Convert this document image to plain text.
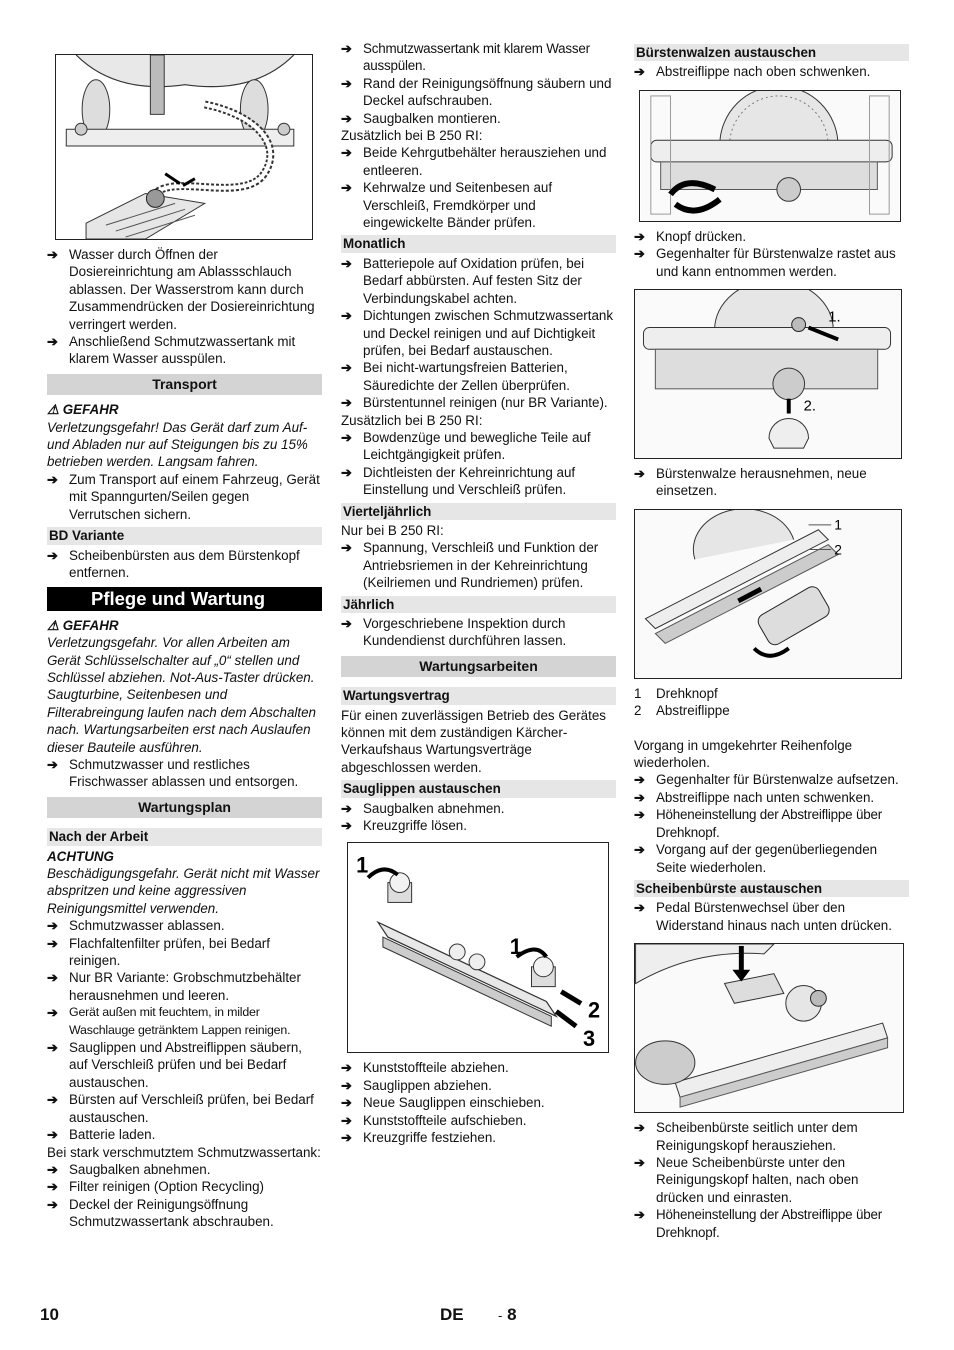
➔ Wasser durch Öffnen der Dosiereinrichtung am Ablassschlauch ablassen. Der Wasserstrom kann durch Zusammendrücken der Dosiereinrichtung verringert werden.
➔ Anschließend Schmutzwassertank mit klarem Wasser ausspülen.
Transport
⚠ GEFAHR
Verletzungsgefahr! Das Gerät darf zum Auf- und Abladen nur auf Steigungen bis zu 15% betrieben werden. Langsam fahren.
➔ Zum Transport auf einem Fahrzeug, Gerät mit Spanngurten/Seilen gegen Verrutschen sichern.
BD Variante
➔ Scheibenbürsten aus dem Bürstenkopf entfernen.
Pflege und Wartung
⚠ GEFAHR
Verletzungsgefahr. Vor allen Arbeiten am Gerät Schlüsselschalter auf „0“ stellen und Schlüssel abziehen. Not-Aus-Taster drücken.
Saugturbine, Seitenbesen und Filterabreingung laufen nach dem Abschalten nach. Wartungsarbeiten erst nach Auslaufen dieser Bauteile ausführen.
➔ Schmutzwasser und restliches Frischwasser ablassen und entsorgen.
Wartungsplan
Nach der Arbeit
ACHTUNG
Beschädigungsgefahr. Gerät nicht mit Wasser abspritzen und keine aggressiven Reinigungsmittel verwenden.
➔ Schmutzwasser ablassen.
➔ Flachfaltenfilter prüfen, bei Bedarf reinigen.
➔ Nur BR Variante: Grobschmutzbehälter herausnehmen und leeren.
➔ Gerät außen mit feuchtem, in milder Waschlauge getränktem Lappen reinigen.
➔ Sauglippen und Abstreiflippen säubern, auf Verschleiß prüfen und bei Bedarf austauschen.
➔ Bürsten auf Verschleiß prüfen, bei Bedarf austauschen.
➔ Batterie laden.
Bei stark verschmutztem Schmutzwassertank:
➔ Saugbalken abnehmen.
➔ Filter reinigen (Option Recycling)
➔ Deckel der Reinigungsöffnung Schmutzwassertank abschrauben.
➔ Schmutzwassertank mit klarem Wasser ausspülen.
➔ Rand der Reinigungsöffnung säubern und Deckel aufschrauben.
➔ Saugbalken montieren.
Zusätzlich bei B 250 RI:
➔ Beide Kehrgutbehälter herausziehen und entleeren.
➔ Kehrwalze und Seitenbesen auf Verschleiß, Fremdkörper und eingewickelte Bänder prüfen.
Monatlich
➔ Batteriepole auf Oxidation prüfen, bei Bedarf abbürsten. Auf festen Sitz der Verbindungskabel achten.
➔ Dichtungen zwischen Schmutzwassertank und Deckel reinigen und auf Dichtigkeit prüfen, bei Bedarf austauschen.
➔ Bei nicht-wartungsfreien Batterien, Säuredichte der Zellen überprüfen.
➔ Bürstentunnel reinigen (nur BR Variante).
Zusätzlich bei B 250 RI:
➔ Bowdenzüge und bewegliche Teile auf Leichtgängigkeit prüfen.
➔ Dichtleisten der Kehreinrichtung auf Einstellung und Verschleiß prüfen.
Vierteljährlich
Nur bei B 250 RI:
➔ Spannung, Verschleiß und Funktion der Antriebsriemen in der Kehreinrichtung (Keilriemen und Rundriemen) prüfen.
Jährlich
➔ Vorgeschriebene Inspektion durch Kundendienst durchführen lassen.
Wartungsarbeiten
Wartungsvertrag
Für einen zuverlässigen Betrieb des Gerätes können mit dem zuständigen Kärcher-Verkaufshaus Wartungsverträge abgeschlossen werden.
Sauglippen austauschen
➔ Saugbalken abnehmen.
➔ Kreuzgriffe lösen.
1
1
2
3
➔ Kunststoffteile abziehen.
➔ Sauglippen abziehen.
➔ Neue Sauglippen einschieben.
➔ Kunststoffteile aufschieben.
➔ Kreuzgriffe festziehen.
Bürstenwalzen austauschen
➔ Abstreiflippe nach oben schwenken.
➔ Knopf drücken.
➔ Gegenhalter für Bürstenwalze rastet aus und kann entnommen werden.
1.
2.
➔ Bürstenwalze herausnehmen, neue einsetzen.
1
2
1 Drehknopf
2 Abstreiflippe
Vorgang in umgekehrter Reihenfolge wiederholen.
➔ Gegenhalter für Bürstenwalze aufsetzen.
➔ Abstreiflippe nach unten schwenken.
➔ Höheneinstellung der Abstreiflippe über Drehknopf.
➔ Vorgang auf der gegenüberliegenden Seite wiederholen.
Scheibenbürste austauschen
➔ Pedal Bürstenwechsel über den Widerstand hinaus nach unten drücken.
➔ Scheibenbürste seitlich unter dem Reinigungskopf herausziehen.
➔ Neue Scheibenbürste unter den Reinigungskopf halten, nach oben drücken und einrasten.
➔ Höheneinstellung der Abstreiflippe über Drehknopf.
10	DE	- 8
